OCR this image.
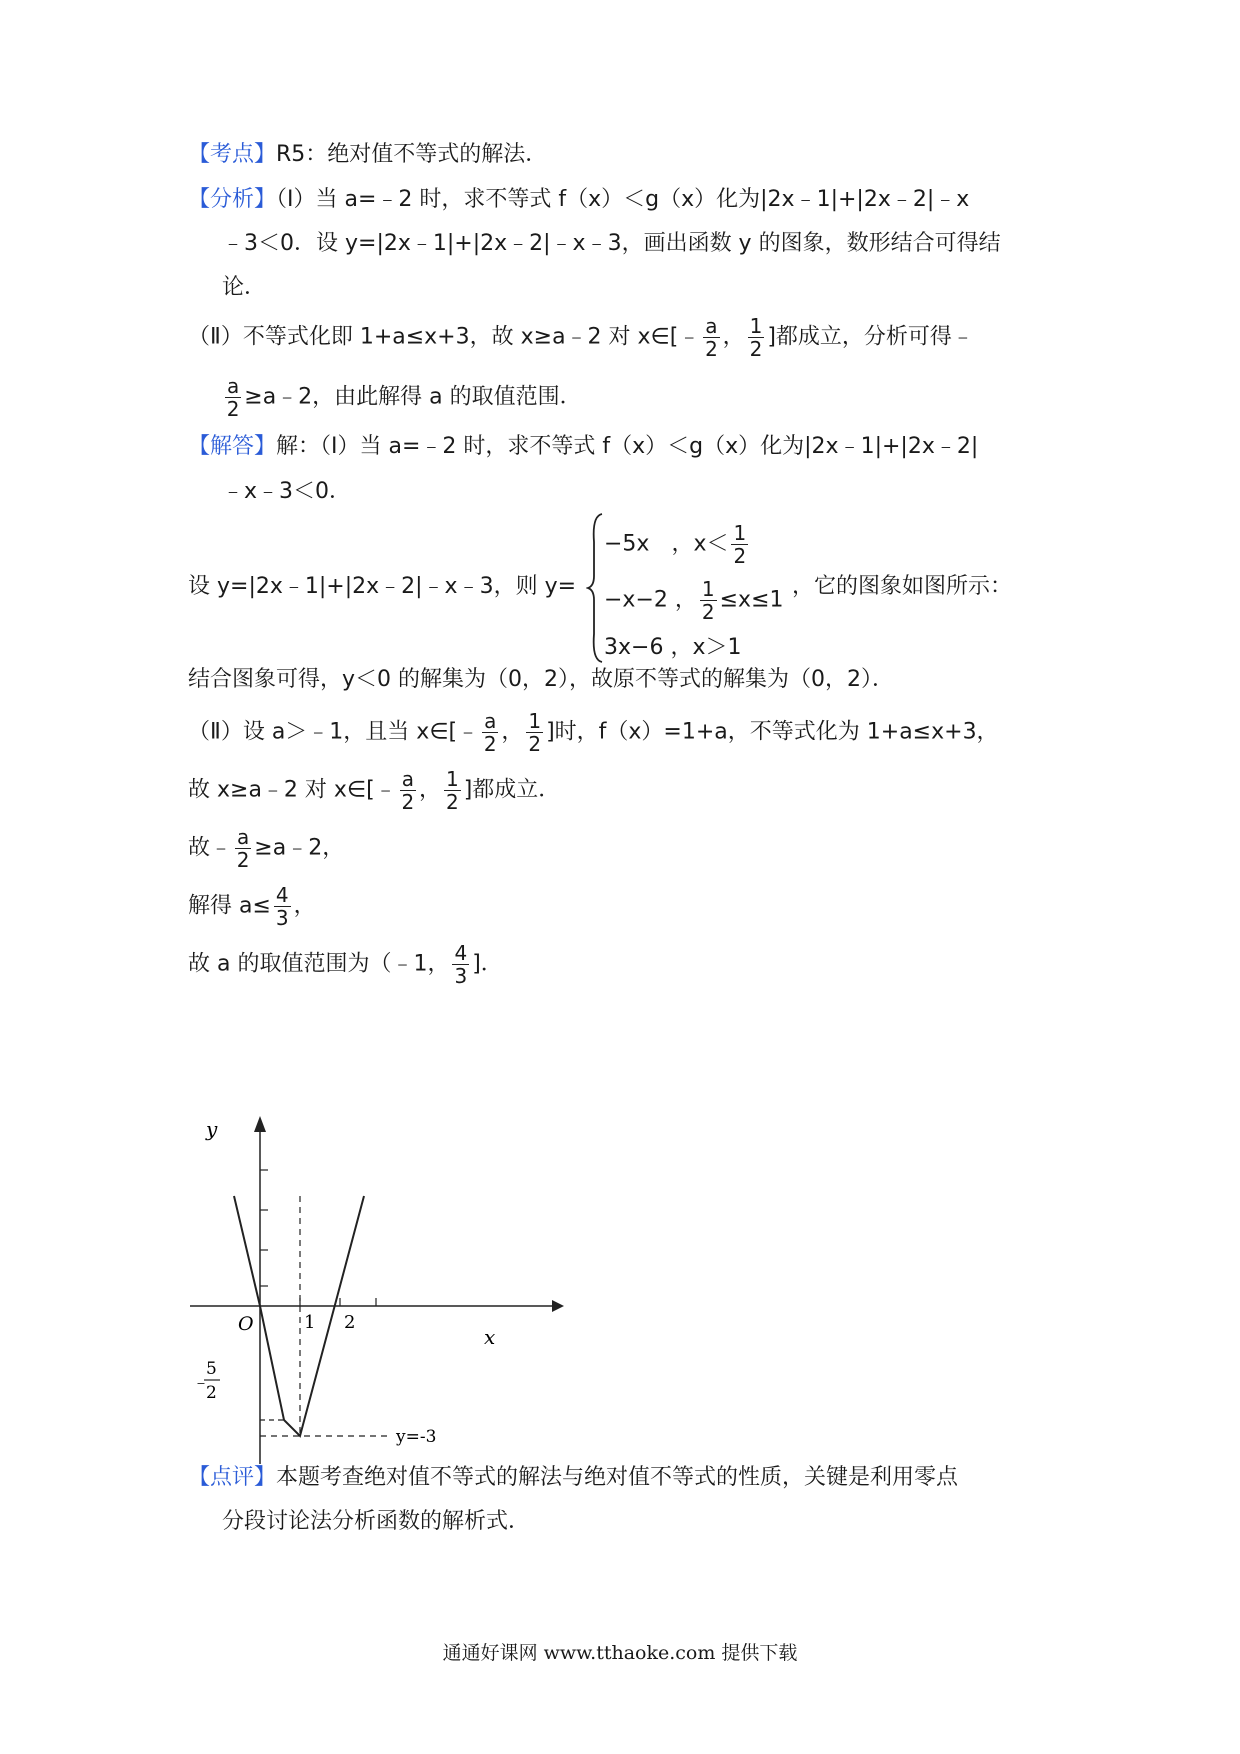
【考点】R5：绝对值不等式的解法．
【分析】（Ⅰ）当 a=﹣2 时，求不等式 f（x）＜g（x）化为|2x﹣1|+|2x﹣2|﹣x
﹣3＜0．设 y=|2x﹣1|+|2x﹣2|﹣x﹣3，画出函数 y 的图象，数形结合可得结
论．
（Ⅱ）不等式化即 1+a≤x+3，故 x≥a﹣2 对 x∈[﹣ $\frac{a}{2}$ ， $\frac{1}{2}$ ]都成立，分析可得﹣
$\frac{a}{2}$ ≥a﹣2，由此解得 a 的取值范围．
【解答】解：（Ⅰ）当 a=﹣2 时，求不等式 f（x）＜g（x）化为|2x﹣1|+|2x﹣2|
﹣x﹣3＜0．
设 y=|2x﹣1|+|2x﹣2|﹣x﹣3，则 y=
−5x　，$x< \frac{1}{2}$
−x−2 ， $\frac{1}{2} \le x\le 1$
3x−6 ，x＞1
，它的图象如图所示：
结合图象可得，y＜0 的解集为（0，2），故原不等式的解集为（0，2）．
（Ⅱ）设 a＞﹣1，且当 x∈[﹣ $\frac{a}{2}$ ， $\frac{1}{2}$ ]时，f（x）=1+a，不等式化为 1+a≤x+3，
故 x≥a﹣2 对 x∈[﹣ $\frac{a}{2}$ ， $\frac{1}{2}$ ]都成立．
故﹣ $\frac{a}{2}$ ≥a﹣2，
解得 $a\le \frac{4}{3}$ ，
故 a 的取值范围为（﹣1， $\frac{4}{3}$ ]．
y
x
O	1 2
﹣
5
2
y=-3
【点评】本题考查绝对值不等式的解法与绝对值不等式的性质，关键是利用零点
分段讨论法分析函数的解析式．
通通好课网 www.tthaoke.com 提供下载
